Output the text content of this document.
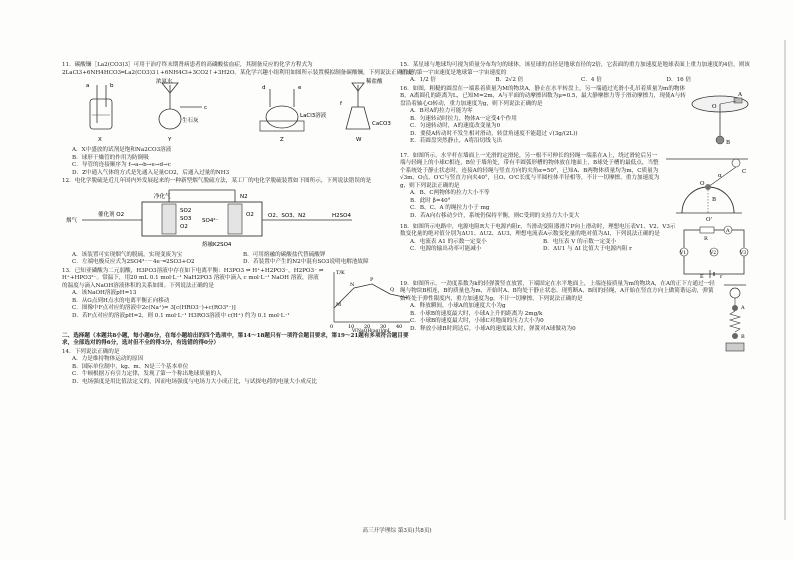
11．碳酸镧［La2(CO3)3］可用于治疗终末期肾病患者的高磷酸盐血症，其制备反应的化学方程式为2LaCl3+6NH4HCO3═La2(CO3)3↓+6NH4Cl+3CO2↑+3H2O。某化学兴趣小组利用如图所示装置模拟制备碳酸镧，下列说法正确的是
浓氨水
a	b
生石灰
c
d
LaCl3溶液
e
f
稀盐酸
CaCO3
X	Y	Z	W
A．X中盛放的试剂是饱和Na2CO3溶液
B．球形干燥管的作用为防倒吸
C．导管的连接顺序为 f→a→b→e→d→c
D．Z中通入气体的方式是先通入足量CO2，后通入过量的NH3
12．电化学脱硫是近几年国内外发展起来的一种新型烟气脱硫方法，某工厂的电化学脱硫装置如下图所示，下列说法错误的是
净化气	N2
烟气
催化剂 O2
SO2
SO3
O2
O2
SO4²⁻
O2、SO3、N2	H2SO4
熔融K2SO4
A．该装置可实现烟气的脱硫，实现变废为宝	B．可用熔融的碳酸盐代替硫酸钾
C．左端电极反应式为2SO4²⁻－4e⁻═2SO3+O2	D．若装置中产生的N2中混有SO3说明电解池故障
13．已知亚磷酸为二元弱酸，H3PO3溶液中存在如下电离平衡：H3PO3 ⇌ H⁺+H2PO3⁻，H2PO3⁻ ⇌ H⁺+HPO3²⁻。常温下，用20 mL 0.1 mol·L⁻¹ NaH2PO3 溶液中滴入 c mol·L⁻¹ NaOH 溶液，溶液的温度与滴入NaOH溶液体积的关系如图。下列说法正确的是
A．该NaOH溶液pH=13
B．从G点到H点水的电离平衡正向移动
C．图像中F点对应的溶液中2c(Na⁺)= 3[c(HRO3⁻)+c(RO3²⁻)]
D．若F点对应的溶液pH=2，则 0.1 mol·L⁻¹ H3RO3溶液中 c(H⁺) 约为 0.1 mol·L⁻¹
T/K
M
N
P
Q
0	10 20 30 40
V[NaOH(aq)]/mL
二、选择题（本题共8小题，每小题6分，在每小题给出的四个选项中，第14～18题只有一项符合题目要求，第19～21题有多项符合题目要求，全部选对的得6分，选对但不全的得3分，有选错的得0分）
14．下列说法正确的是
A．力是维持物体运动的原因
B．国际单位制中，kg、m、N是三个基本单位
C．牛顿根据万有引力定律，发现了第一个称出地球质量的人
D．电场强度是用比值法定义的，因而电场强度与电场力大小成正比，与试探电荷的电量大小成反比
15．某星球与地球均可视为质量分布均匀的球体，该星球的直径是地球直径的2倍，它表面的重力加速度是地球表面上重力加速度的4倍，则该星球的第一宇宙速度是地球第一宇宙速度的
A．1/2 倍	B．2√2 倍	C．4 倍	D．16 倍
16．如图，粗糙的圆盘在一端系着质量为M的物块A，静止在水平转盘上，另一端通过光滑小孔吊着质量为m的物体B，A离圆孔的距离为L，已知M=2m，A与平面的动摩擦因数为μ=0.5，最大静摩擦力等于滑动摩擦力，现使A与转盘沿着轴心O转动，重力加速度为g，则下列说法正确的是
A．B对A的拉力可能为零
B．匀速转动时拉力，物体A一定受4个作用
C．匀速转动时，A的速度改变量为0
D．要使A转动时不发生相对滑动，转盘角速度不能超过 √(3g/(2L))
E．若圆盘突然静止，A将沿切线飞出
A
O
B
17．如图所示，水平杆在墙面上一光滑的定滑轮，另一根不可伸长的轻绳一端系在A上，绕过滑轮后另一端与轻绳上的小球C相连，B位于墙角处，带有半圆弧形槽的物体放在地面上，B球处于槽的最低点，当整个系统处于静止状态时，连接A的轻绳与竖直方向的夹角α=50°，已知A、B两物体质量均为m，C质量为√3m，O点、O'C与竖直方向夹40°，且O、O'C长度与半圆柱体半径相等，不计一切摩擦，重力加速度为g，则下列说法正确的是
A．B、C两物体的拉力大小不等
B．此时 β=40°
C．B、C、A 的绳拉力小于 mg
D．若A向右移动少许，系统仍保持平衡，则C受到的支持力大小变大
C
α
O
B
O'
18．如图所示电路中，电源电阻R大于电源内阻r，当滑动变阻器滑片P向上滑动时，理想电压表V1、V2、V3示数变化量的绝对值分别为ΔU1、ΔU2、ΔU3，理想电流表A示数变化量的绝对值为ΔI，下列说法正确的是
A．电流表 A1 的示数一定变小	B．电压表 V 的示数一定变小
C．电源的输出功率可能减小	D．ΔU1 与 ΔI 比值大于电源内阻 r
R
A
V1	V2	V3
E	r
19．如图所示，一劲度系数为k的轻弹簧竖直放置，下端固定在水平地面上，上端连接质量为m的物块A，在A的正下方通过一轻绳与物块B相连，B的质量也为m，开始时A、B均处于静止状态。现剪断A、B间的轻绳，A开始在竖直方向上做简谐运动，弹簧始终处于弹性限度内，重力加速度为g。不计一切摩擦，下列说法正确的是
A．释放瞬间，小球A的加速度大小为g
B．小球B的速度最大时，小球A上升的距离为 2mg/k
C．小球B的速度最大时，小球C对地面的压力大小为0
D．释放小球B时到达后，小球A的速度最大时，弹簧对A球做功为0
A
B
高三开学理综 第3页(共8页)
